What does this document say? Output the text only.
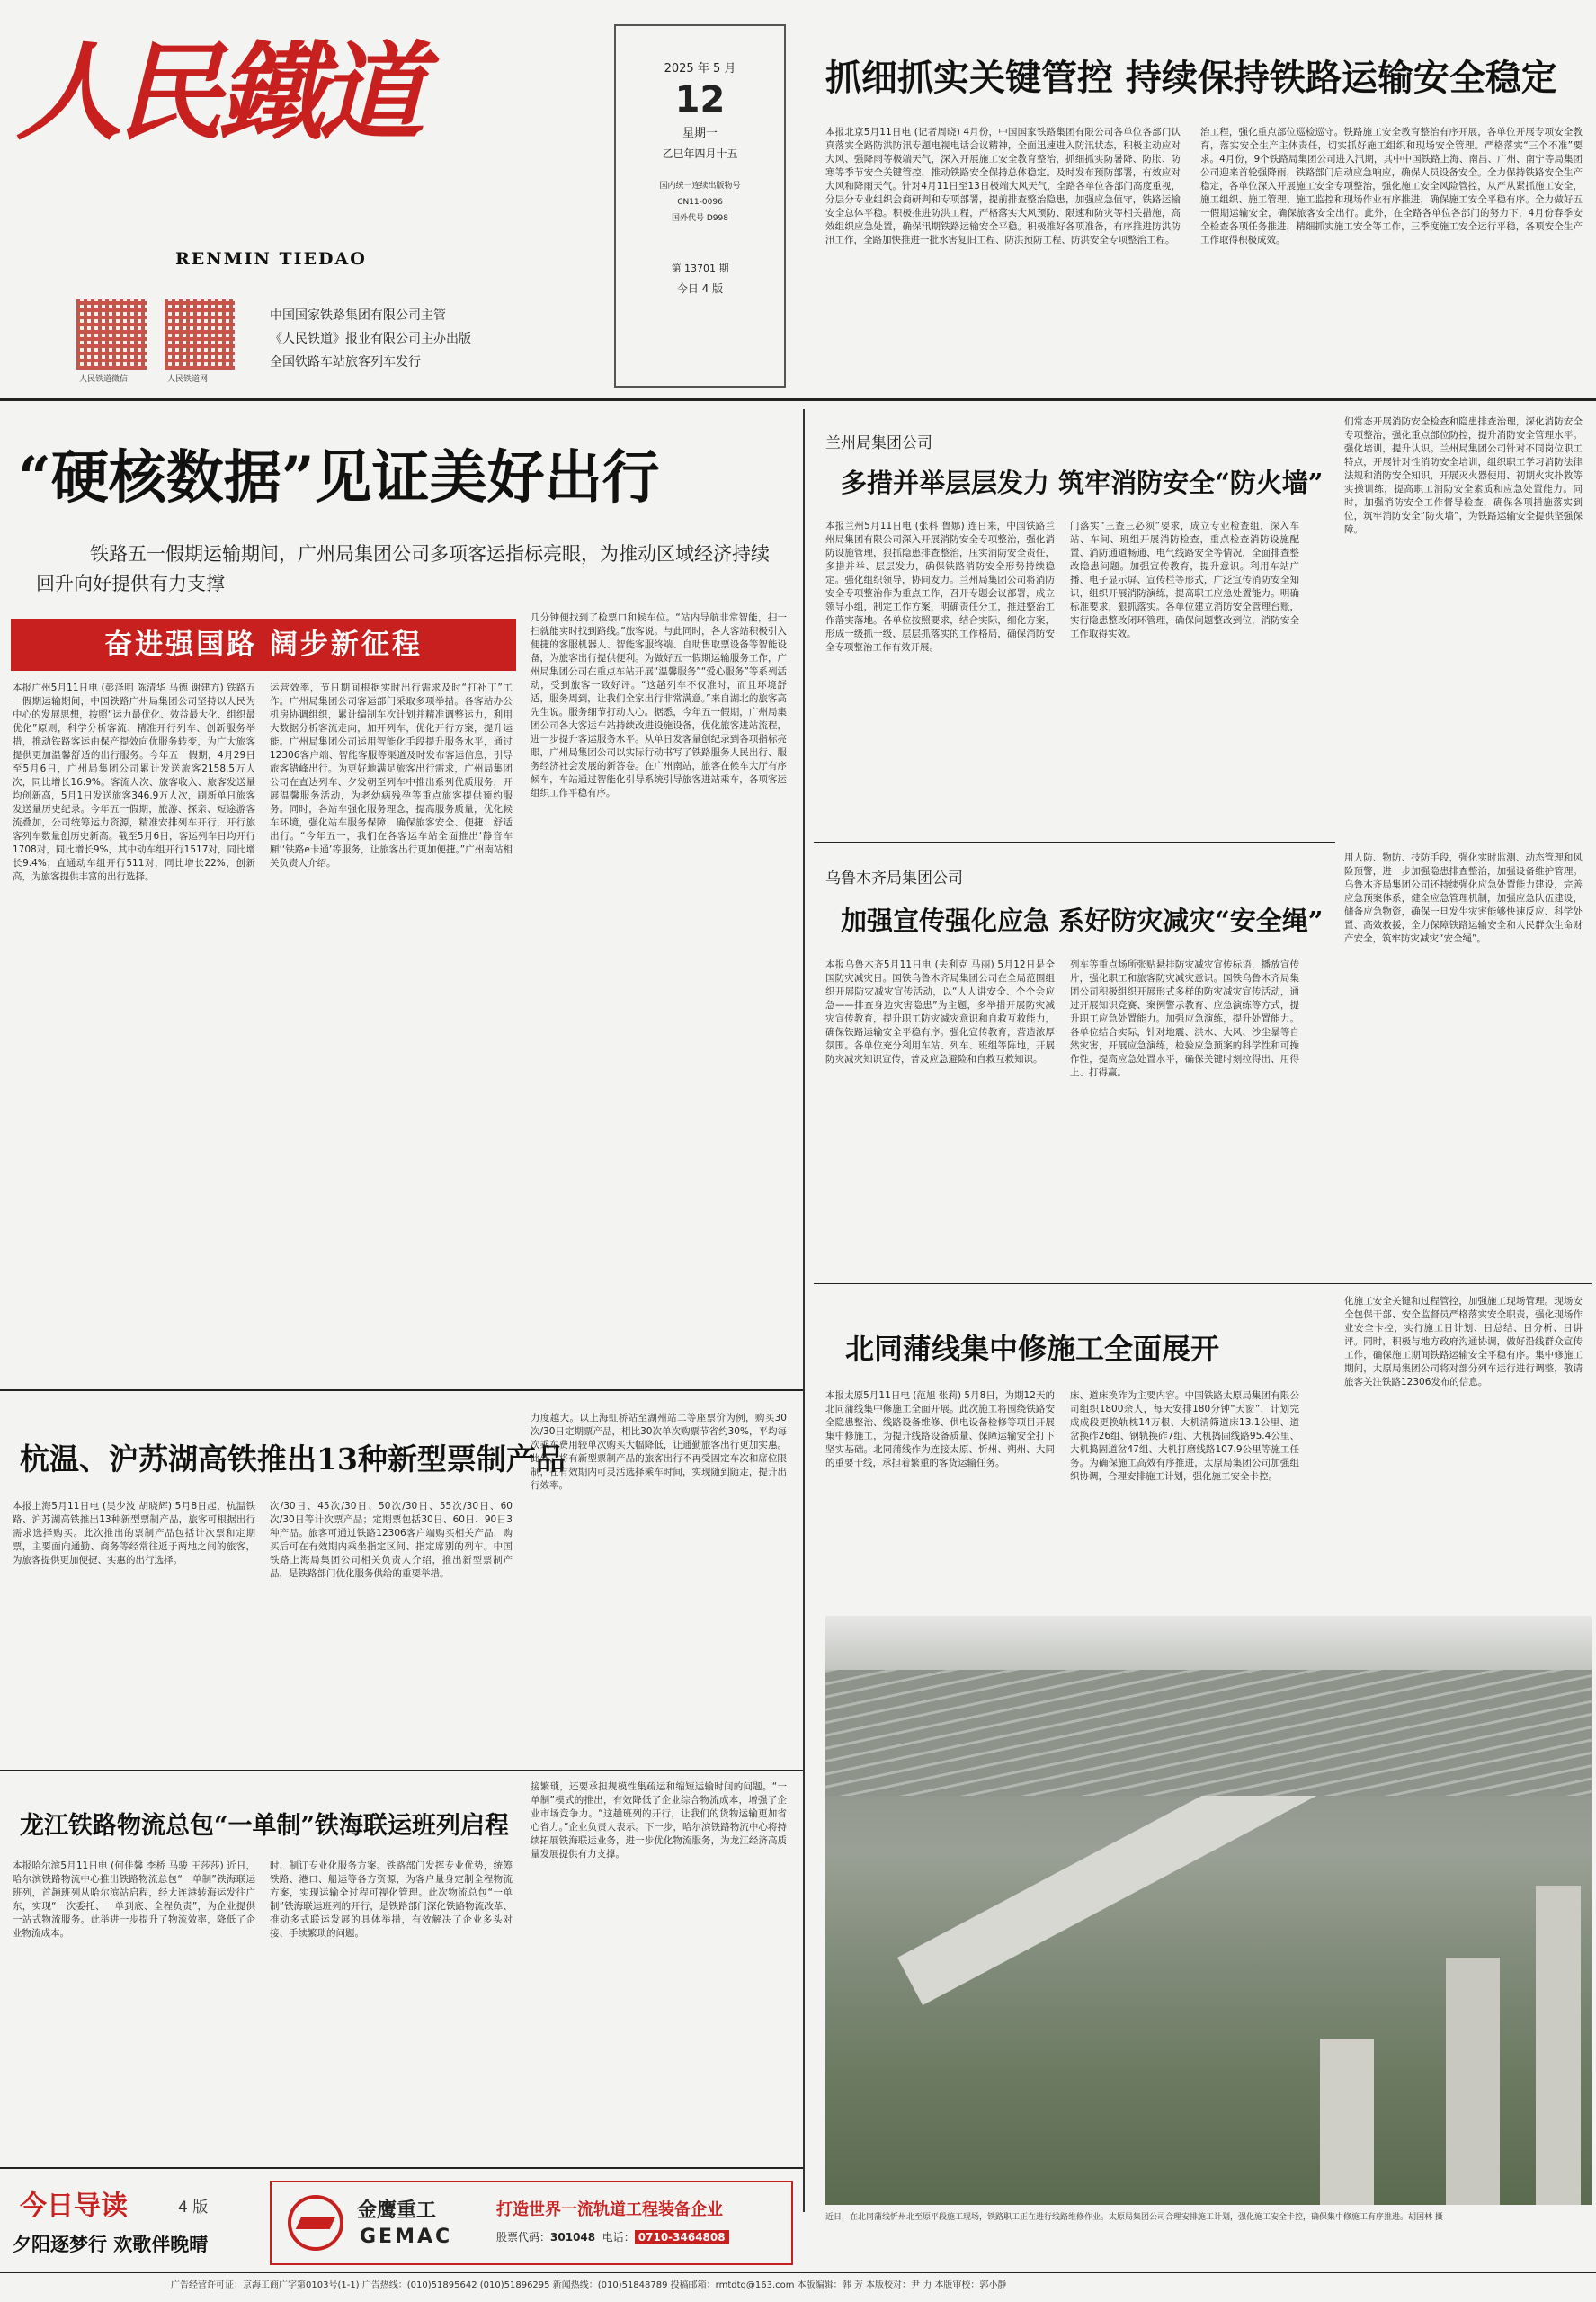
人民鐵道
RENMIN TIEDAO
人民铁道微信	人民铁道网
中国国家铁路集团有限公司主管
《人民铁道》报业有限公司主办出版
全国铁路车站旅客列车发行
2025 年 5 月
12
星期一
乙巳年四月十五
国内统一连续出版物号
CN11-0096
国外代号 D998
第 13701 期
今日 4 版
抓细抓实关键管控 持续保持铁路运输安全稳定
本报北京5月11日电 (记者周晓) 4月份，中国国家铁路集团有限公司各单位各部门认真落实全路防洪防汛专题电视电话会议精神，全面迅速进入防汛状态，积极主动应对大风、强降雨等极端天气，深入开展施工安全教育整治，抓细抓实防暑降、防胀、防寒等季节安全关键管控，推动铁路安全保持总体稳定。及时发布预防部署，有效应对大风和降雨天气。针对4月11日至13日极端大风天气，全路各单位各部门高度重视，分层分专业组织会商研判和专项部署，提前排查整治隐患，加强应急值守，铁路运输安全总体平稳。积极推进防洪工程，严格落实大风预防、限速和防灾等相关措施，高效组织应急处置，确保汛期铁路运输安全平稳。积极推好各项准备，有序推进防洪防汛工作，全路加快推进一批水害复旧工程、防洪预防工程、防洪安全专项整治工程。
治工程，强化重点部位巡检巡守。铁路施工安全教育整治有序开展，各单位开展专项安全教育，落实安全生产主体责任，切实抓好施工组织和现场安全管理。严格落实“三个不准”要求。4月份，9个铁路局集团公司进入汛期，其中中国铁路上海、南昌、广州、南宁等局集团公司迎来首轮强降雨，铁路部门启动应急响应，确保人员设备安全。全力保持铁路安全生产稳定，各单位深入开展施工安全专项整治，强化施工安全风险管控，从严从紧抓施工安全，施工组织、施工管理、施工监控和现场作业有序推进，确保施工安全平稳有序。全力做好五一假期运输安全，确保旅客安全出行。此外，在全路各单位各部门的努力下，4月份春季安全检查各项任务推进，精细抓实施工安全等工作，三季度施工安全运行平稳，各项安全生产工作取得积极成效。
“硬核数据”见证美好出行
铁路五一假期运输期间，广州局集团公司多项客运指标亮眼，为推动区域经济持续回升向好提供有力支撑
奋进强国路 阔步新征程
本报广州5月11日电 (彭泽明 陈清华 马德 谢建方) 铁路五一假期运输期间，中国铁路广州局集团公司坚持以人民为中心的发展思想，按照“运力最优化、效益最大化、组织最优化”原则，科学分析客流、精准开行列车、创新服务举措，推动铁路客运由保产提效向优服务转变，为广大旅客提供更加温馨舒适的出行服务。今年五一假期，4月29日至5月6日，广州局集团公司累计发送旅客2158.5万人次，同比增长16.9%。客流人次、旅客收入、旅客发送量均创新高，5月1日发送旅客346.9万人次，刷新单日旅客发送量历史纪录。今年五一假期，旅游、探亲、短途游客流叠加，公司统筹运力资源，精准安排列车开行，开行旅客列车数量创历史新高。截至5月6日，客运列车日均开行1708对，同比增长9%，其中动车组开行1517对，同比增长9.4%；直通动车组开行511对，同比增长22%，创新高，为旅客提供丰富的出行选择。
运营效率，节日期间根据实时出行需求及时“打补丁”工作。广州局集团公司客运部门采取多项举措。各客站办公机房协调组织，累计编制车次计划并精准调整运力，利用大数据分析客流走向，加开列车，优化开行方案，提升运能。广州局集团公司运用智能化手段提升服务水平，通过12306客户端、智能客服等渠道及时发布客运信息，引导旅客错峰出行。为更好地满足旅客出行需求，广州局集团公司在直达列车、夕发朝至列车中推出系列优质服务，开展温馨服务活动，为老幼病残孕等重点旅客提供预约服务。同时，各站车强化服务理念，提高服务质量，优化候车环境，强化站车服务保障，确保旅客安全、便捷、舒适出行。“今年五一，我们在各客运车站全面推出‘静音车厢’‘铁路e卡通’等服务，让旅客出行更加便捷。”广州南站相关负责人介绍。
几分钟便找到了检票口和候车位。“站内导航非常智能，扫一扫就能实时找到路线。”旅客说。与此同时，各大客站积极引入便捷的客服机器人、智能客服终端、自助售取票设备等智能设备，为旅客出行提供便利。为做好五一假期运输服务工作，广州局集团公司在重点车站开展“温馨服务”“爱心服务”等系列活动，受到旅客一致好评。“这趟列车不仅准时，而且环境舒适，服务周到，让我们全家出行非常满意。”来自湖北的旅客高先生说。服务细节打动人心。据悉，今年五一假期，广州局集团公司各大客运车站持续改进设施设备，优化旅客进站流程，进一步提升客运服务水平。从单日发客量创纪录到各项指标亮眼，广州局集团公司以实际行动书写了铁路服务人民出行、服务经济社会发展的新答卷。在广州南站，旅客在候车大厅有序候车，车站通过智能化引导系统引导旅客进站乘车，各项客运组织工作平稳有序。
兰州局集团公司
多措并举层层发力 筑牢消防安全“防火墙”
本报兰州5月11日电 (张科 鲁娜) 连日来，中国铁路兰州局集团有限公司深入开展消防安全专项整治，强化消防设施管理，狠抓隐患排查整治，压实消防安全责任，多措并举、层层发力，确保铁路消防安全形势持续稳定。强化组织领导，协同发力。兰州局集团公司将消防安全专项整治作为重点工作，召开专题会议部署，成立领导小组，制定工作方案，明确责任分工，推进整治工作落实落地。各单位按照要求，结合实际，细化方案，形成一级抓一级、层层抓落实的工作格局，确保消防安全专项整治工作有效开展。
门落实“三查三必须”要求，成立专业检查组，深入车站、车间、班组开展消防检查，重点检查消防设施配置、消防通道畅通、电气线路安全等情况，全面排查整改隐患问题。加强宣传教育，提升意识。利用车站广播、电子显示屏、宣传栏等形式，广泛宣传消防安全知识，组织开展消防演练，提高职工应急处置能力。明确标准要求，狠抓落实。各单位建立消防安全管理台账，实行隐患整改闭环管理，确保问题整改到位，消防安全工作取得实效。
们常态开展消防安全检查和隐患排查治理，深化消防安全专项整治，强化重点部位防控，提升消防安全管理水平。强化培训，提升认识。兰州局集团公司针对不同岗位职工特点，开展针对性消防安全培训，组织职工学习消防法律法规和消防安全知识，开展灭火器使用、初期火灾扑救等实操训练，提高职工消防安全素质和应急处置能力。同时，加强消防安全工作督导检查，确保各项措施落实到位，筑牢消防安全“防火墙”，为铁路运输安全提供坚强保障。
乌鲁木齐局集团公司
加强宣传强化应急 系好防灾减灾“安全绳”
本报乌鲁木齐5月11日电 (夫利克 马丽) 5月12日是全国防灾减灾日。国铁乌鲁木齐局集团公司在全局范围组织开展防灾减灾宣传活动，以“人人讲安全、个个会应急——排查身边灾害隐患”为主题，多举措开展防灾减灾宣传教育，提升职工防灾减灾意识和自救互救能力，确保铁路运输安全平稳有序。强化宣传教育，营造浓厚氛围。各单位充分利用车站、列车、班组等阵地，开展防灾减灾知识宣传，普及应急避险和自救互救知识。
列车等重点场所张贴悬挂防灾减灾宣传标语，播放宣传片，强化职工和旅客防灾减灾意识。国铁乌鲁木齐局集团公司积极组织开展形式多样的防灾减灾宣传活动，通过开展知识竞赛、案例警示教育、应急演练等方式，提升职工应急处置能力。加强应急演练，提升处置能力。各单位结合实际，针对地震、洪水、大风、沙尘暴等自然灾害，开展应急演练，检验应急预案的科学性和可操作性，提高应急处置水平，确保关键时刻拉得出、用得上、打得赢。
用人防、物防、技防手段，强化实时监测、动态管理和风险预警，进一步加强隐患排查整治，加强设备维护管理。乌鲁木齐局集团公司还持续强化应急处置能力建设，完善应急预案体系，健全应急管理机制，加强应急队伍建设，储备应急物资，确保一旦发生灾害能够快速反应、科学处置、高效救援，全力保障铁路运输安全和人民群众生命财产安全，筑牢防灾减灾“安全绳”。
北同蒲线集中修施工全面展开
本报太原5月11日电 (范旭 张莉) 5月8日，为期12天的北同蒲线集中修施工全面开展。此次施工将围绕铁路安全隐患整治、线路设备维修、供电设备检修等项目开展集中修施工，为提升线路设备质量、保障运输安全打下坚实基础。北同蒲线作为连接太原、忻州、朔州、大同的重要干线，承担着繁重的客货运输任务。
床、道床换砟为主要内容。中国铁路太原局集团有限公司组织1800余人，每天安排180分钟“天窗”，计划完成成段更换轨枕14万根、大机清筛道床13.1公里、道岔换砟26组、钢轨换砟7组、大机捣固线路95.4公里、大机捣固道岔47组、大机打磨线路107.9公里等施工任务。为确保施工高效有序推进，太原局集团公司加强组织协调，合理安排施工计划，强化施工安全卡控。
化施工安全关键和过程管控，加强施工现场管理。现场安全包保干部、安全监督员严格落实安全职责，强化现场作业安全卡控，实行施工日计划、日总结、日分析、日讲评。同时，积极与地方政府沟通协调，做好沿线群众宣传工作，确保施工期间铁路运输安全平稳有序。集中修施工期间，太原局集团公司将对部分列车运行进行调整，敬请旅客关注铁路12306发布的信息。
近日，在北同蒲线忻州北至原平段施工现场，铁路职工正在进行线路维修作业。太原局集团公司合理安排施工计划，强化施工安全卡控，确保集中修施工有序推进。胡国林 摄
杭温、沪苏湖高铁推出13种新型票制产品
本报上海5月11日电 (吴少波 胡晓辉) 5月8日起，杭温铁路、沪苏湖高铁推出13种新型票制产品，旅客可根据出行需求选择购买。此次推出的票制产品包括计次票和定期票，主要面向通勤、商务等经常往返于两地之间的旅客，为旅客提供更加便捷、实惠的出行选择。
次/30日、45次/30日、50次/30日、55次/30日、60次/30日等计次票产品；定期票包括30日、60日、90日3种产品。旅客可通过铁路12306客户端购买相关产品，购买后可在有效期内乘坐指定区间、指定席别的列车。中国铁路上海局集团公司相关负责人介绍，推出新型票制产品，是铁路部门优化服务供给的重要举措。
力度越大。以上海虹桥站至湖州站二等座票价为例，购买30次/30日定期票产品，相比30次单次购票节省约30%，平均每次乘车费用较单次购买大幅降低，让通勤旅客出行更加实惠。此外，将有新型票制产品的旅客出行不再受固定车次和席位限制，在有效期内可灵活选择乘车时间，实现随到随走，提升出行效率。
龙江铁路物流总包“一单制”铁海联运班列启程
本报哈尔滨5月11日电 (何佳馨 李桥 马骏 王莎莎) 近日，哈尔滨铁路物流中心推出铁路物流总包“一单制”铁海联运班列，首趟班列从哈尔滨站启程，经大连港转海运发往广东，实现“一次委托、一单到底、全程负责”，为企业提供一站式物流服务。此举进一步提升了物流效率，降低了企业物流成本。
时、制订专业化服务方案。铁路部门发挥专业优势，统筹铁路、港口、船运等各方资源，为客户量身定制全程物流方案，实现运输全过程可视化管理。此次物流总包“一单制”铁海联运班列的开行，是铁路部门深化铁路物流改革、推动多式联运发展的具体举措，有效解决了企业多头对接、手续繁琐的问题。
接繁琐，还要承担规模性集疏运和缩短运输时间的问题。“一单制”模式的推出，有效降低了企业综合物流成本，增强了企业市场竞争力。“这趟班列的开行，让我们的货物运输更加省心省力。”企业负责人表示。下一步，哈尔滨铁路物流中心将持续拓展铁海联运业务，进一步优化物流服务，为龙江经济高质量发展提供有力支撑。
今日导读	4 版
夕阳逐梦行 欢歌伴晚晴
金鹰重工
GEMAC
打造世界一流轨道工程装备企业
股票代码：301048 电话： 0710-3464808
广告经营许可证：京海工商广字第0103号(1-1) 广告热线：(010)51895642 (010)51896295 新闻热线：(010)51848789 投稿邮箱：rmtdtg@163.com 本版编辑：韩 芳 本版校对：尹 力 本版审校：郭小静
